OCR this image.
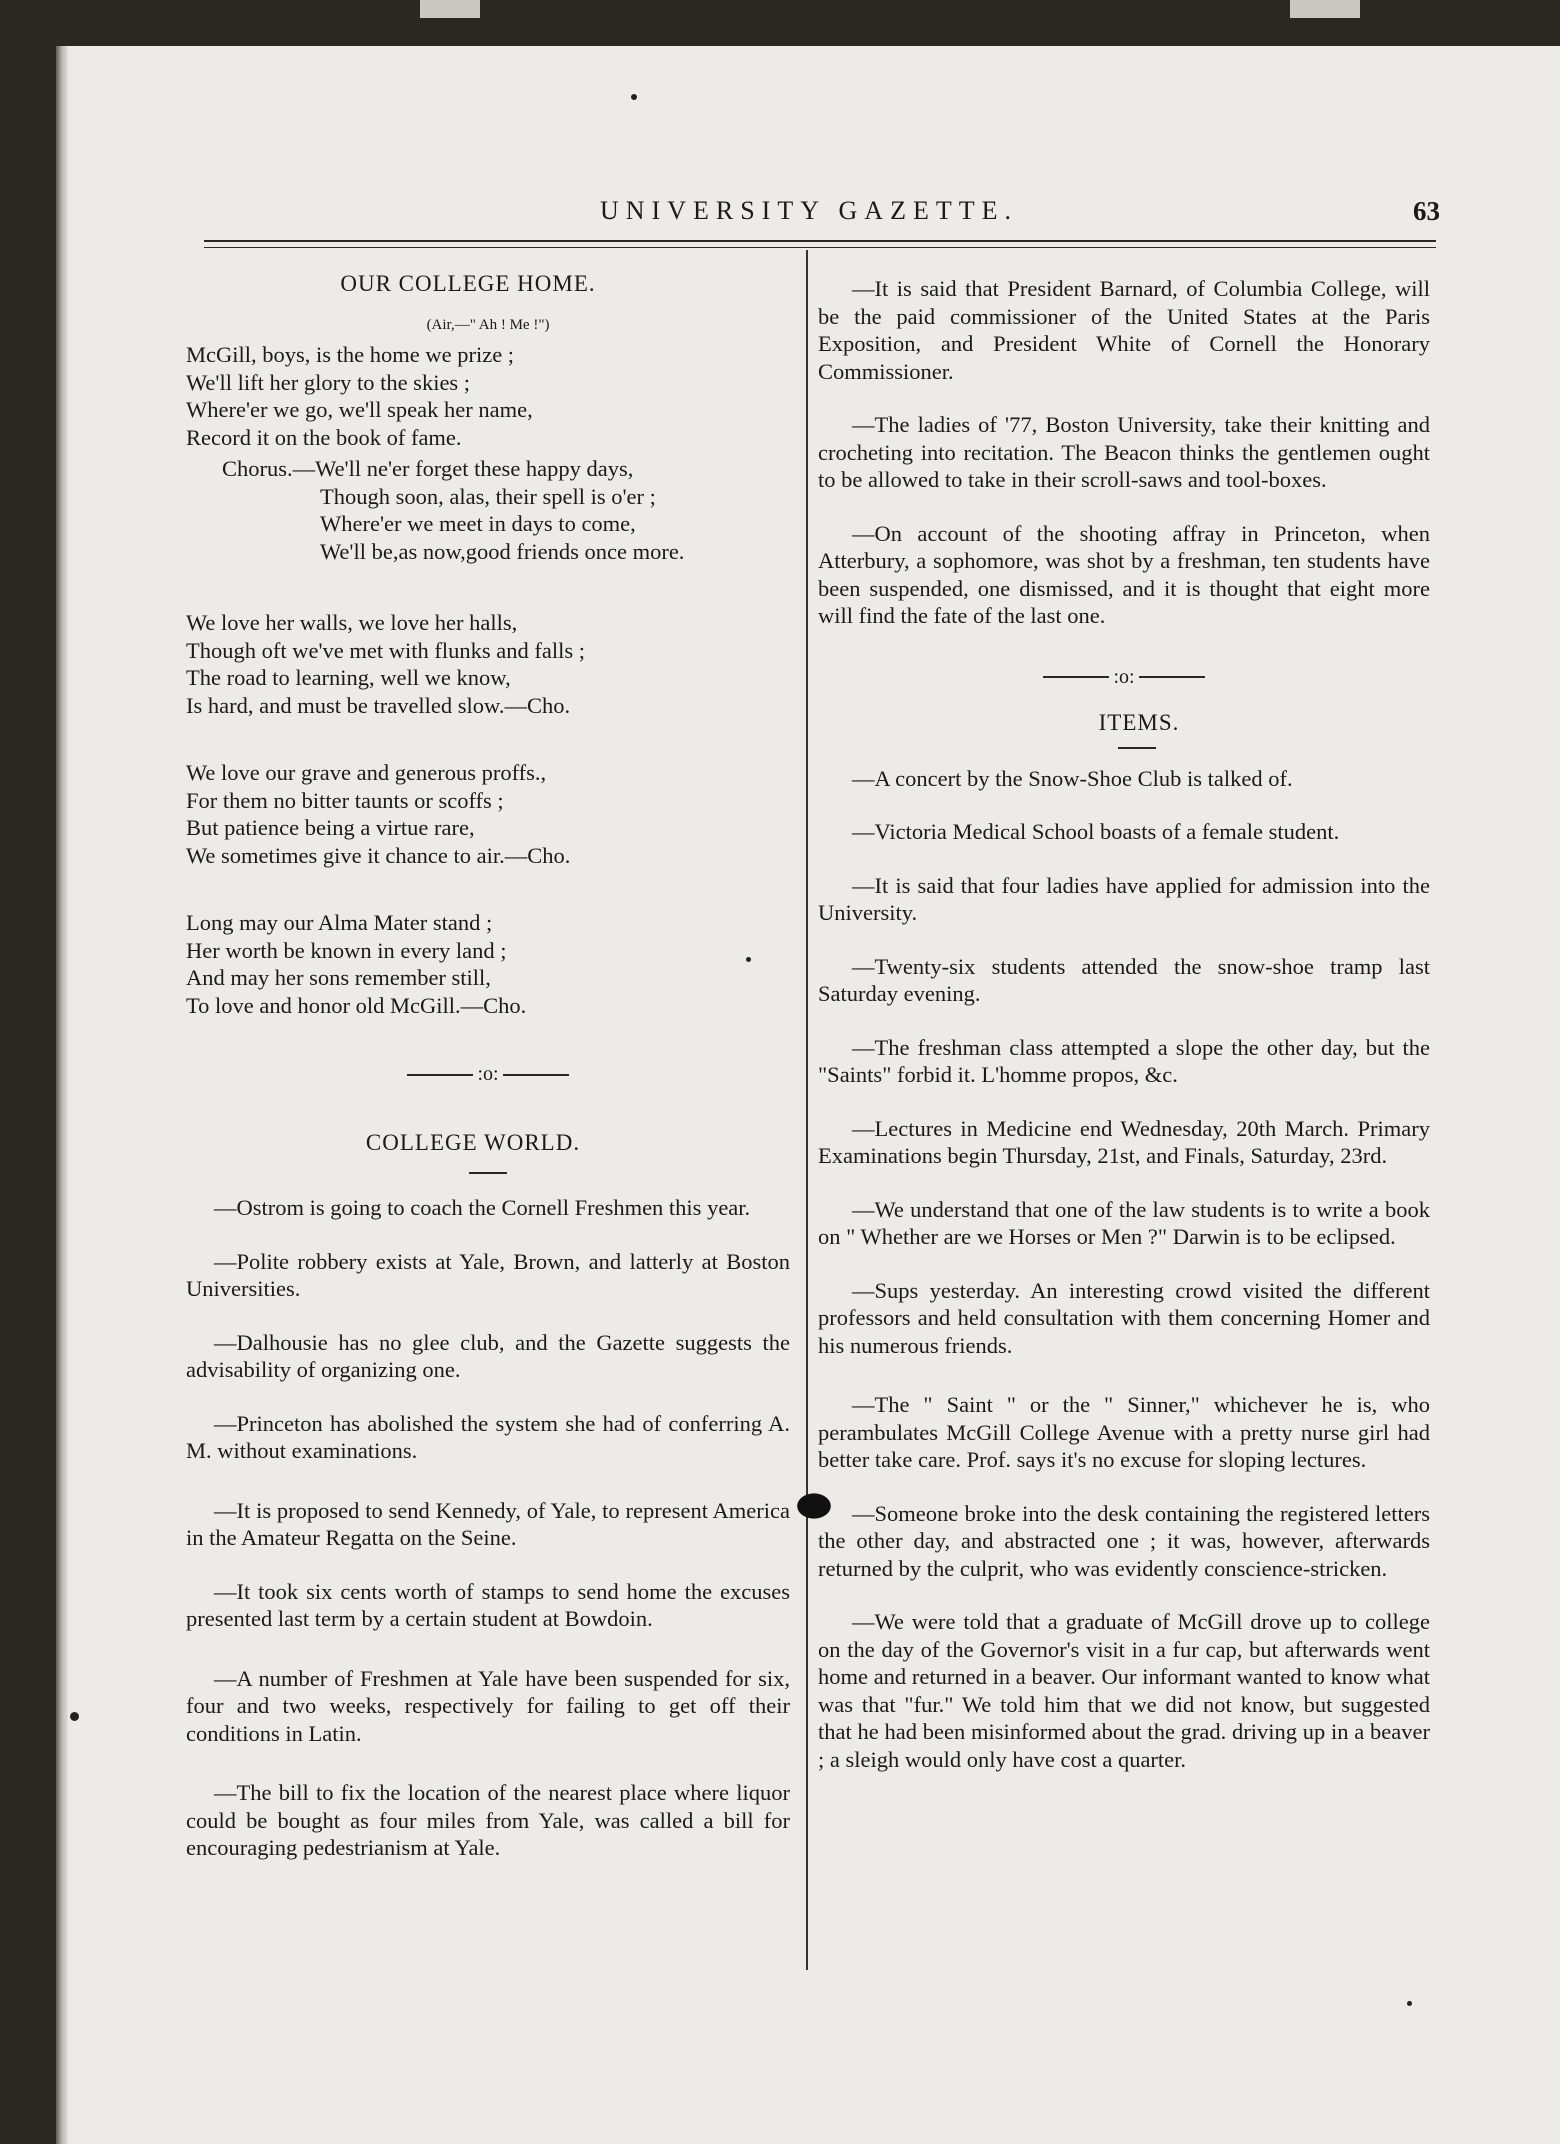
UNIVERSITY GAZETTE.	63
OUR COLLEGE HOME.
(Air,—" Ah ! Me !")
McGill, boys, is the home we prize ;
We'll lift her glory to the skies ;
Where'er we go, we'll speak her name,
Record it on the book of fame.
Chorus.—We'll ne'er forget these happy days,
Though soon, alas, their spell is o'er ;
Where'er we meet in days to come,
We'll be,as now,good friends once more.
We love her walls, we love her halls,
Though oft we've met with flunks and falls ;
The road to learning, well we know,
Is hard, and must be travelled slow.—Cho.
We love our grave and generous proffs.,
For them no bitter taunts or scoffs ;
But patience being a virtue rare,
We sometimes give it chance to air.—Cho.
Long may our Alma Mater stand ;
Her worth be known in every land ;
And may her sons remember still,
To love and honor old McGill.—Cho.
:o:
COLLEGE WORLD.
—Ostrom is going to coach the Cornell Freshmen this year.
—Polite robbery exists at Yale, Brown, and latterly at Boston Universities.
—Dalhousie has no glee club, and the Gazette suggests the advisability of organizing one.
—Princeton has abolished the system she had of conferring A. M. without examinations.
—It is proposed to send Kennedy, of Yale, to represent America in the Amateur Regatta on the Seine.
—It took six cents worth of stamps to send home the excuses presented last term by a certain student at Bowdoin.
—A number of Freshmen at Yale have been suspended for six, four and two weeks, respectively for failing to get off their conditions in Latin.
—The bill to fix the location of the nearest place where liquor could be bought as four miles from Yale, was called a bill for encouraging pedestrianism at Yale.
—It is said that President Barnard, of Columbia College, will be the paid commissioner of the United States at the Paris Exposition, and President White of Cornell the Honorary Commissioner.
—The ladies of '77, Boston University, take their knitting and crocheting into recitation. The Beacon thinks the gentlemen ought to be allowed to take in their scroll-saws and tool-boxes.
—On account of the shooting affray in Princeton, when Atterbury, a sophomore, was shot by a freshman, ten students have been suspended, one dismissed, and it is thought that eight more will find the fate of the last one.
:o:
ITEMS.
—A concert by the Snow-Shoe Club is talked of.
—Victoria Medical School boasts of a female student.
—It is said that four ladies have applied for admission into the University.
—Twenty-six students attended the snow-shoe tramp last Saturday evening.
—The freshman class attempted a slope the other day, but the "Saints" forbid it. L'homme propos, &c.
—Lectures in Medicine end Wednesday, 20th March. Primary Examinations begin Thursday, 21st, and Finals, Saturday, 23rd.
—We understand that one of the law students is to write a book on " Whether are we Horses or Men ?" Darwin is to be eclipsed.
—Sups yesterday. An interesting crowd visited the different professors and held consultation with them concerning Homer and his numerous friends.
—The " Saint " or the " Sinner," whichever he is, who perambulates McGill College Avenue with a pretty nurse girl had better take care. Prof. says it's no excuse for sloping lectures.
—Someone broke into the desk containing the registered letters the other day, and abstracted one ; it was, however, afterwards returned by the culprit, who was evidently conscience-stricken.
—We were told that a graduate of McGill drove up to college on the day of the Governor's visit in a fur cap, but afterwards went home and returned in a beaver. Our informant wanted to know what was that "fur." We told him that we did not know, but suggested that he had been misinformed about the grad. driving up in a beaver ; a sleigh would only have cost a quarter.
